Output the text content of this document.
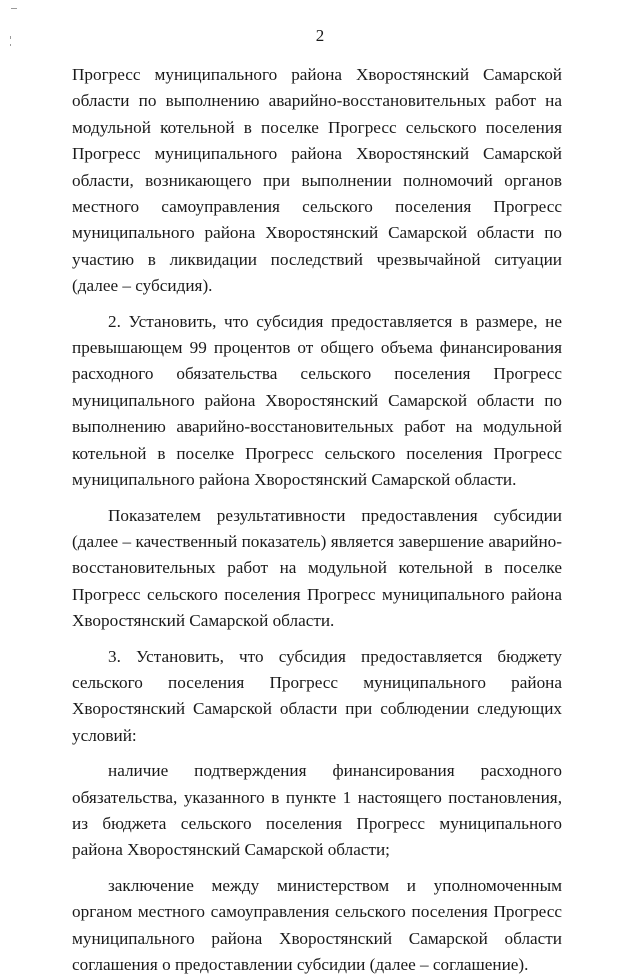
2

Прогресс муниципального района Хворостянский Самарской области по выполнению аварийно-восстановительных работ на модульной котельной в поселке Прогресс сельского поселения Прогресс муниципального района Хворостянский Самарской области, возникающего при выполнении полномочий органов местного самоуправления сельского поселения Прогресс муниципального района Хворостянский Самарской области по участию в ликвидации последствий чрезвычайной ситуации (далее – субсидия).

2. Установить, что субсидия предоставляется в размере, не превышающем 99 процентов от общего объема финансирования расходного обязательства сельского поселения Прогресс муниципального района Хворостянский Самарской области по выполнению аварийно-восстановительных работ на модульной котельной в поселке Прогресс сельского поселения Прогресс муниципального района Хворостянский Самарской области.

Показателем результативности предоставления субсидии (далее – качественный показатель) является завершение аварийно-восстановительных работ на модульной котельной в поселке Прогресс сельского поселения Прогресс муниципального района Хворостянский Самарской области.

3. Установить, что субсидия предоставляется бюджету сельского поселения Прогресс муниципального района Хворостянский Самарской области при соблюдении следующих условий:

наличие подтверждения финансирования расходного обязательства, указанного в пункте 1 настоящего постановления, из бюджета сельского поселения Прогресс муниципального района Хворостянский Самарской области;

заключение между министерством и уполномоченным органом местного самоуправления сельского поселения Прогресс муниципального района Хворостянский Самарской области соглашения о предоставлении субсидии (далее – соглашение).
